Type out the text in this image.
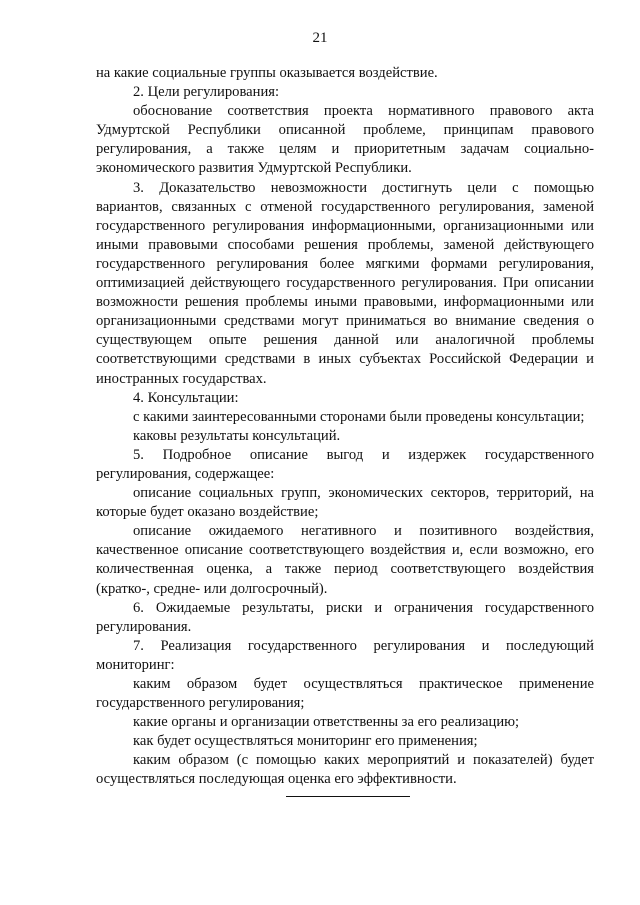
21

на какие социальные группы оказывается воздействие.

2. Цели регулирования:

обоснование соответствия проекта нормативного правового акта Удмуртской Республики описанной проблеме, принципам правового регулирования, а также целям и приоритетным задачам социально-экономического развития Удмуртской Республики.

3. Доказательство невозможности достигнуть цели с помощью вариантов, связанных с отменой государственного регулирования, заменой государственного регулирования информационными, организационными или иными правовыми способами решения проблемы, заменой действующего государственного регулирования более мягкими формами регулирования, оптимизацией действующего государственного регулирования. При описании возможности решения проблемы иными правовыми, информационными или организационными средствами могут приниматься во внимание сведения о существующем опыте решения данной или аналогичной проблемы соответствующими средствами в иных субъектах Российской Федерации и иностранных государствах.

4. Консультации:

с какими заинтересованными сторонами были проведены консультации;

каковы результаты консультаций.

5. Подробное описание выгод и издержек государственного регулирования, содержащее:

описание социальных групп, экономических секторов, территорий, на которые будет оказано воздействие;

описание ожидаемого негативного и позитивного воздействия, качественное описание соответствующего воздействия и, если возможно, его количественная оценка, а также период соответствующего воздействия (кратко-, средне- или долгосрочный).

6. Ожидаемые результаты, риски и ограничения государственного регулирования.

7. Реализация государственного регулирования и последующий мониторинг:

каким образом будет осуществляться практическое применение государственного регулирования;

какие органы и организации ответственны за его реализацию;

как будет осуществляться мониторинг его применения;

каким образом (с помощью каких мероприятий и показателей) будет осуществляться последующая оценка его эффективности.
